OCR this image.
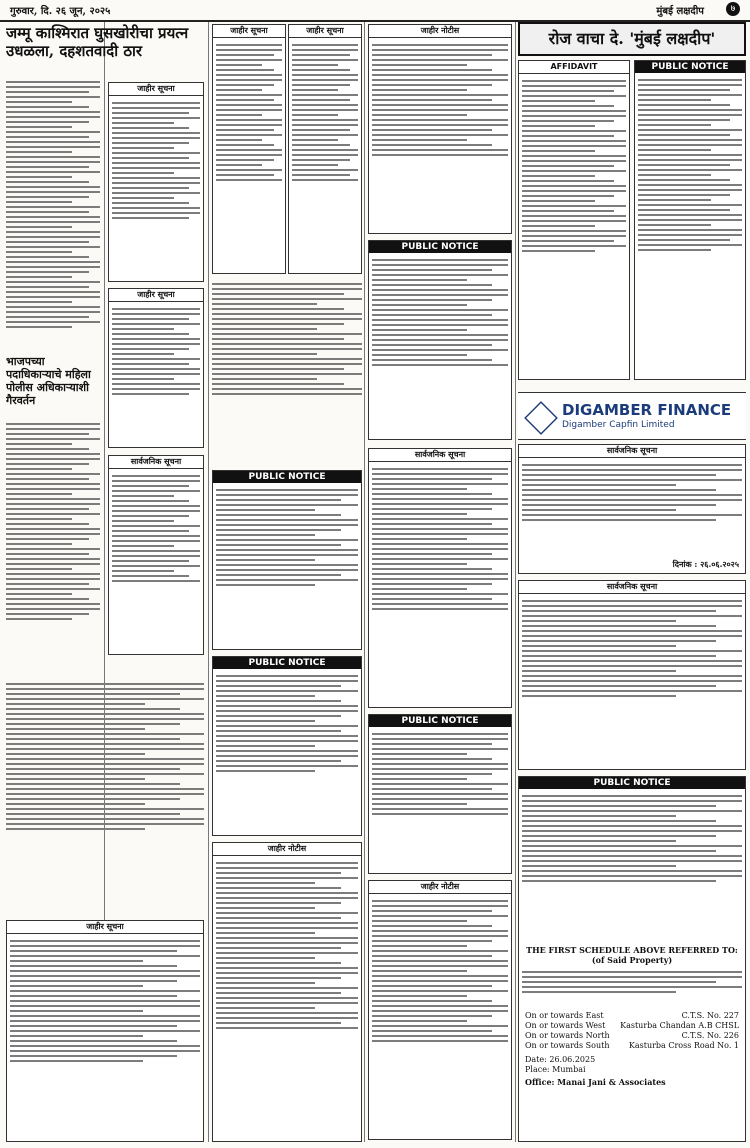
गुरुवार, दि. २६ जून, २०२५	मुंबई लक्षदीप	७
जम्मू काश्मिरात घुसखोरीचा प्रयत्न उधळला, दहशतवादी ठार
भाजपच्या पदाधिकाऱ्याचे महिला पोलीस अधिकाऱ्याशी गैरवर्तन
जाहीर सूचना
जाहीर सूचना
सार्वजनिक सूचना
जाहीर सूचना	जाहीर सूचना
PUBLIC NOTICE
PUBLIC NOTICE
जाहीर नोटीस
PUBLIC NOTICE
सार्वजनिक सूचना
PUBLIC NOTICE
जाहीर नोटीस
रोज वाचा दे. 'मुंबई लक्षदीप'
AFFIDAVIT	PUBLIC NOTICE
DIGAMBER FINANCE
Digamber Capfin Limited
सार्वजनिक सूचना
दिनांक : २६.०६.२०२५
सार्वजनिक सूचना
PUBLIC NOTICE
THE FIRST SCHEDULE ABOVE REFERRED TO:
(of Said Property)
On or towards East	C.T.S. No. 227
On or towards West Kasturba Chandan A.B CHSL
On or towards North	C.T.S. No. 226
On or towards South Kasturba Cross Road No. 1
Date: 26.06.2025
Place: Mumbai
Office: Manai Jani & Associates
जाहीर सूचना
जाहीर नोटीस
